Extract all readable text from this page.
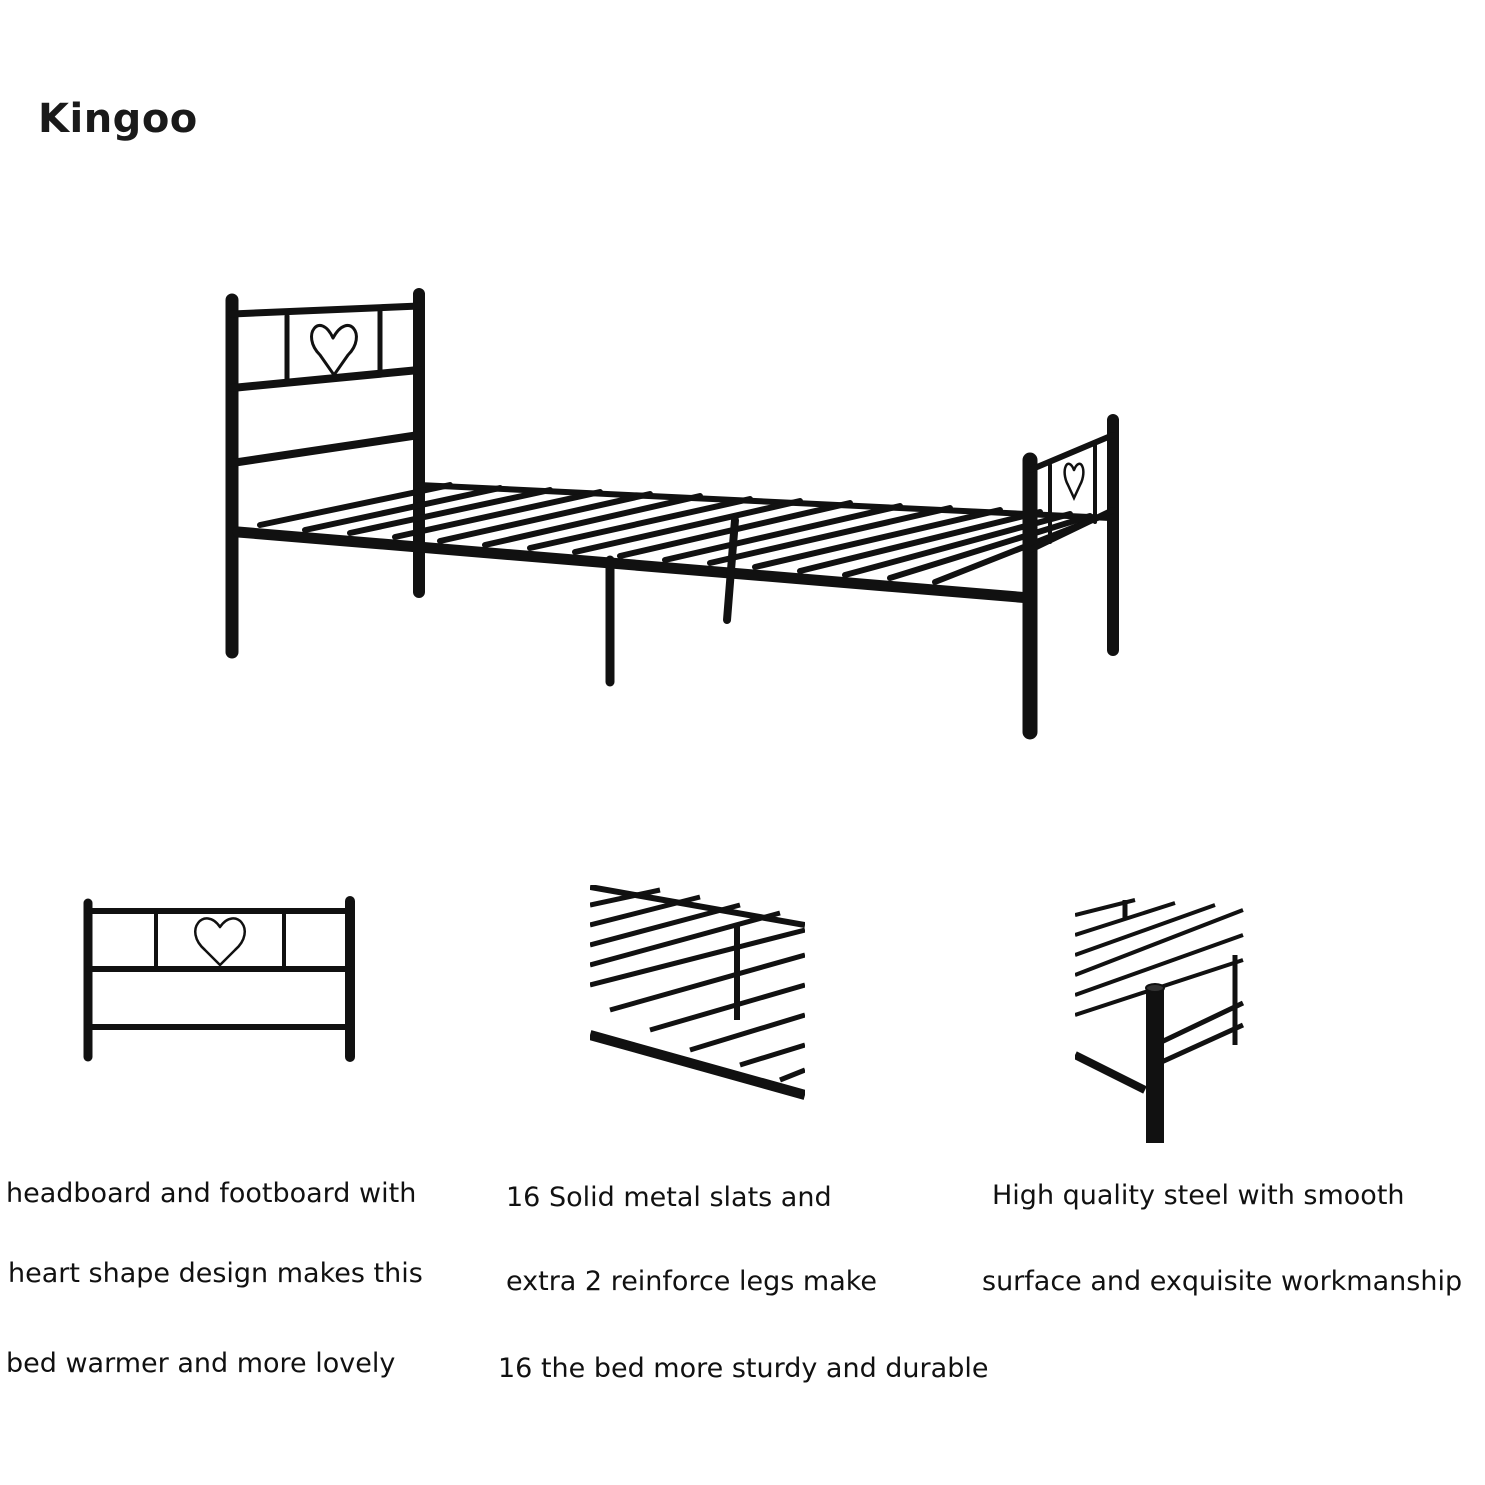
Kingoo
headboard and footboard with
heart shape design makes this
bed warmer and more lovely
16 Solid metal slats and
extra 2 reinforce legs make
16 the bed more sturdy and durable
High quality steel with smooth
surface and exquisite workmanship
